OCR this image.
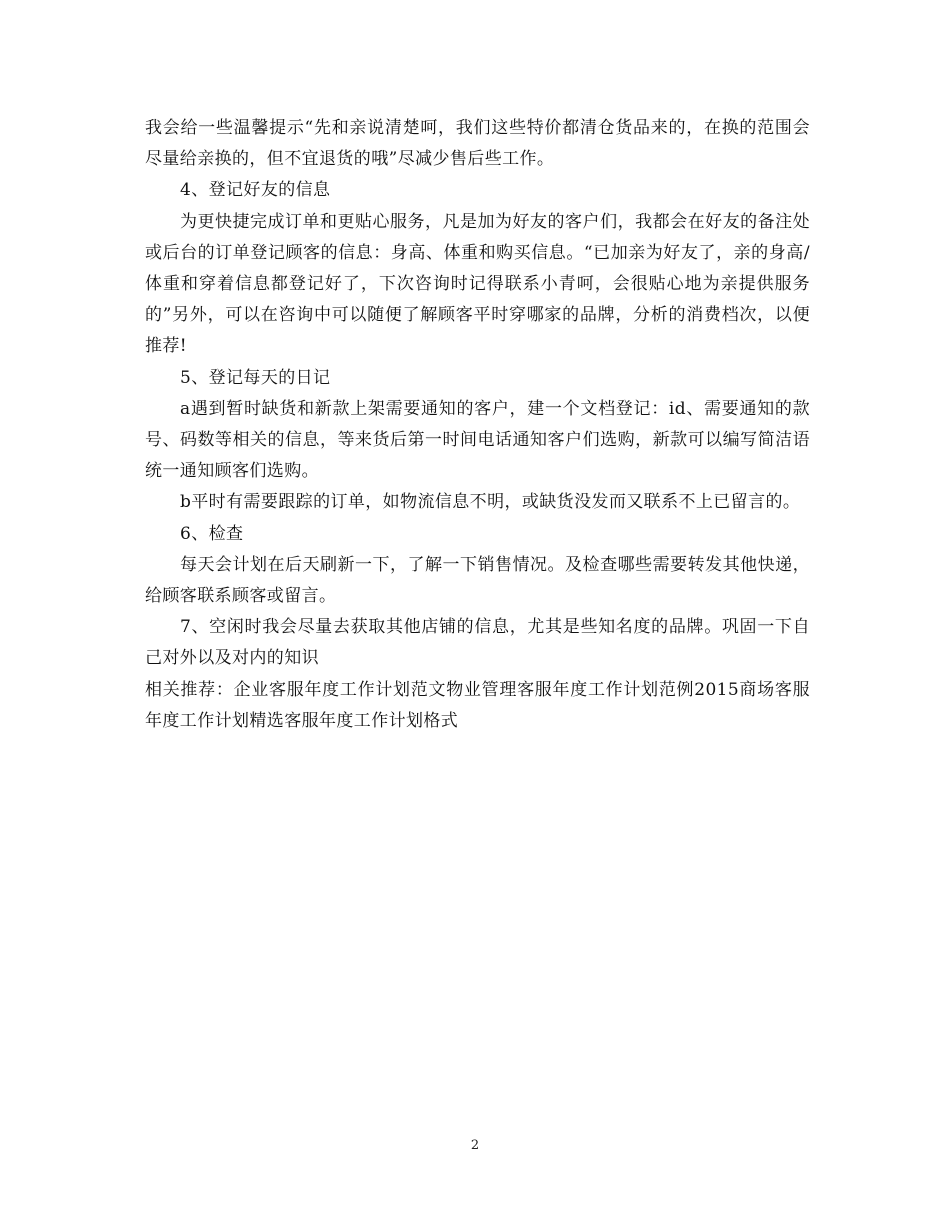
我会给一些温馨提示“先和亲说清楚呵，我们这些特价都清仓货品来的，在换的范围会尽量给亲换的，但不宜退货的哦”尽减少售后些工作。

4、登记好友的信息

为更快捷完成订单和更贴心服务，凡是加为好友的客户们，我都会在好友的备注处或后台的订单登记顾客的信息：身高、体重和购买信息。“已加亲为好友了，亲的身高/体重和穿着信息都登记好了，下次咨询时记得联系小青呵，会很贴心地为亲提供服务的”另外，可以在咨询中可以随便了解顾客平时穿哪家的品牌，分析的消费档次，以便推荐!

5、登记每天的日记

a遇到暂时缺货和新款上架需要通知的客户，建一个文档登记：id、需要通知的款号、码数等相关的信息，等来货后第一时间电话通知客户们选购，新款可以编写简洁语统一通知顾客们选购。

b平时有需要跟踪的订单，如物流信息不明，或缺货没发而又联系不上已留言的。

6、检查

每天会计划在后天刷新一下，了解一下销售情况。及检查哪些需要转发其他快递，给顾客联系顾客或留言。

7、空闲时我会尽量去获取其他店铺的信息，尤其是些知名度的品牌。巩固一下自己对外以及对内的知识

相关推荐：企业客服年度工作计划范文物业管理客服年度工作计划范例2015商场客服年度工作计划精选客服年度工作计划格式

2
